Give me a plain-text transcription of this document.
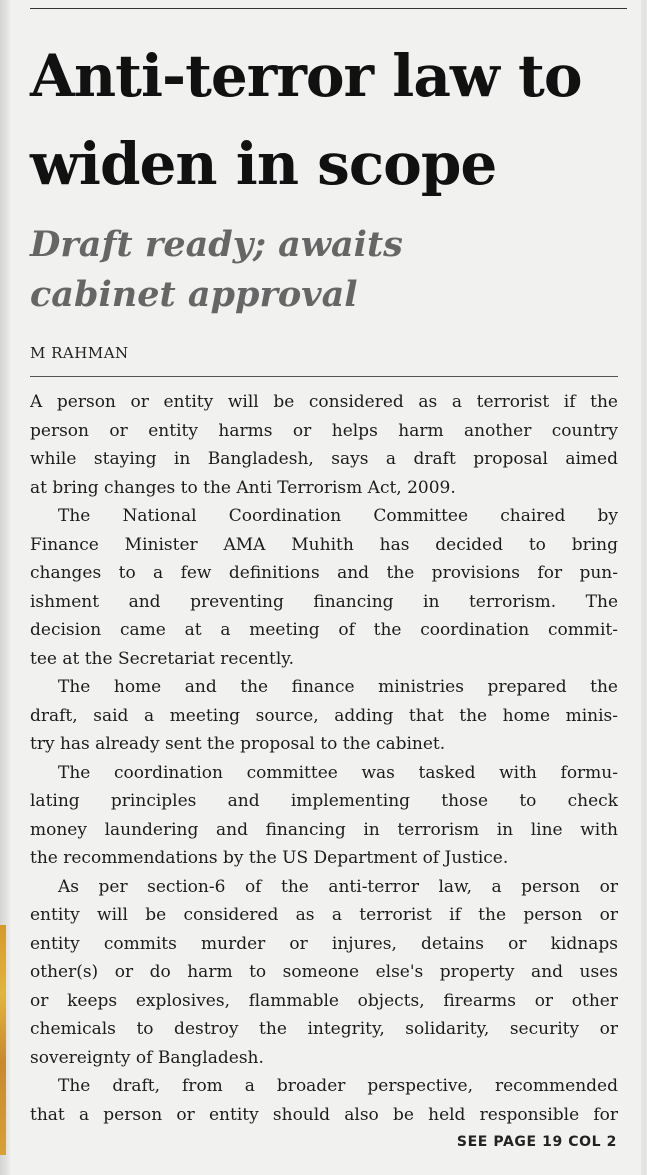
Anti-terror law to
widen in scope
Draft ready; awaits
cabinet approval
M RAHMAN
A person or entity will be considered as a terrorist if the
person or entity harms or helps harm another country
while staying in Bangladesh, says a draft proposal aimed
at bring changes to the Anti Terrorism Act, 2009.
The National Coordination Committee chaired by
Finance Minister AMA Muhith has decided to bring
changes to a few definitions and the provisions for pun-
ishment and preventing financing in terrorism. The
decision came at a meeting of the coordination commit-
tee at the Secretariat recently.
The home and the finance ministries prepared the
draft, said a meeting source, adding that the home minis-
try has already sent the proposal to the cabinet.
The coordination committee was tasked with formu-
lating principles and implementing those to check
money laundering and financing in terrorism in line with
the recommendations by the US Department of Justice.
As per section-6 of the anti-terror law, a person or
entity will be considered as a terrorist if the person or
entity commits murder or injures, detains or kidnaps
other(s) or do harm to someone else's property and uses
or keeps explosives, flammable objects, firearms or other
chemicals to destroy the integrity, solidarity, security or
sovereignty of Bangladesh.
The draft, from a broader perspective, recommended
that a person or entity should also be held responsible for
SEE PAGE 19 COL 2
